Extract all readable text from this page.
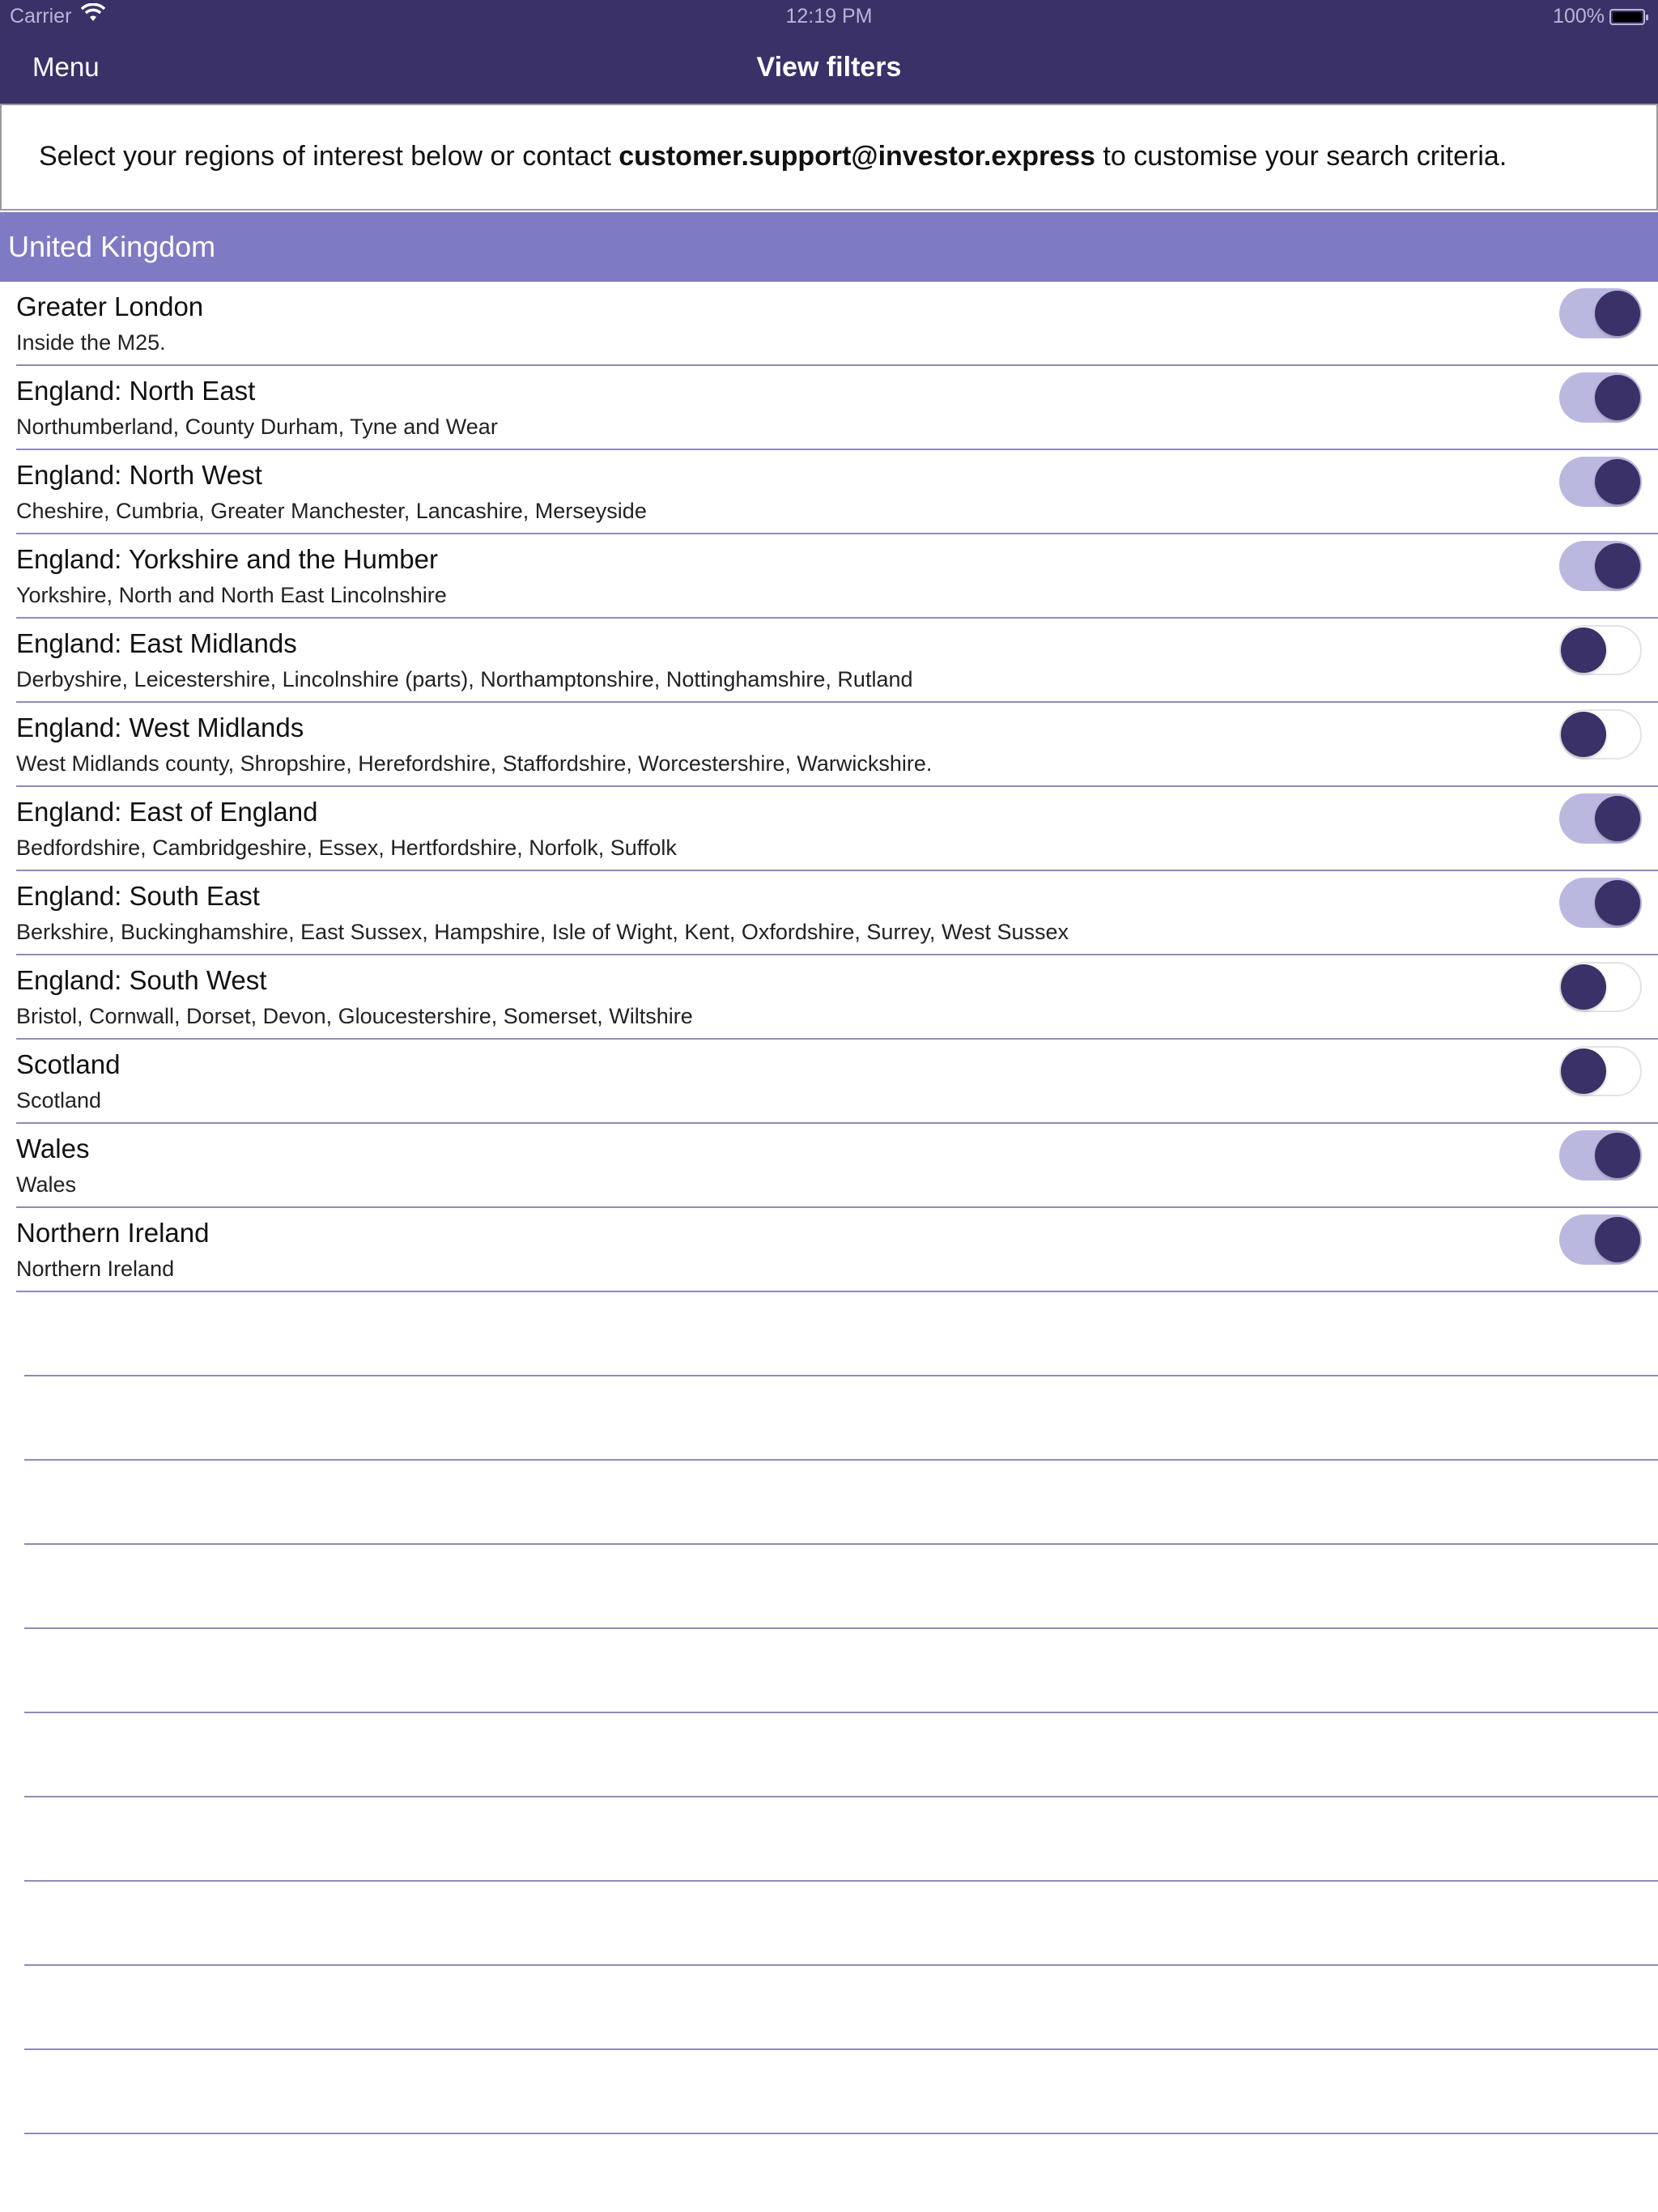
Carrier	12:19 PM	100%
Menu	View filters
Select your regions of interest below or contact customer.support@investor.express to customise your search criteria.
United Kingdom
Greater London
Inside the M25.
England: North East
Northumberland, County Durham, Tyne and Wear
England: North West
Cheshire, Cumbria, Greater Manchester, Lancashire, Merseyside
England: Yorkshire and the Humber
Yorkshire, North and North East Lincolnshire
England: East Midlands
Derbyshire, Leicestershire, Lincolnshire (parts), Northamptonshire, Nottinghamshire, Rutland
England: West Midlands
West Midlands county, Shropshire, Herefordshire, Staffordshire, Worcestershire, Warwickshire.
England: East of England
Bedfordshire, Cambridgeshire, Essex, Hertfordshire, Norfolk, Suffolk
England: South East
Berkshire, Buckinghamshire, East Sussex, Hampshire, Isle of Wight, Kent, Oxfordshire, Surrey, West Sussex
England: South West
Bristol, Cornwall, Dorset, Devon, Gloucestershire, Somerset, Wiltshire
Scotland
Scotland
Wales
Wales
Northern Ireland
Northern Ireland
